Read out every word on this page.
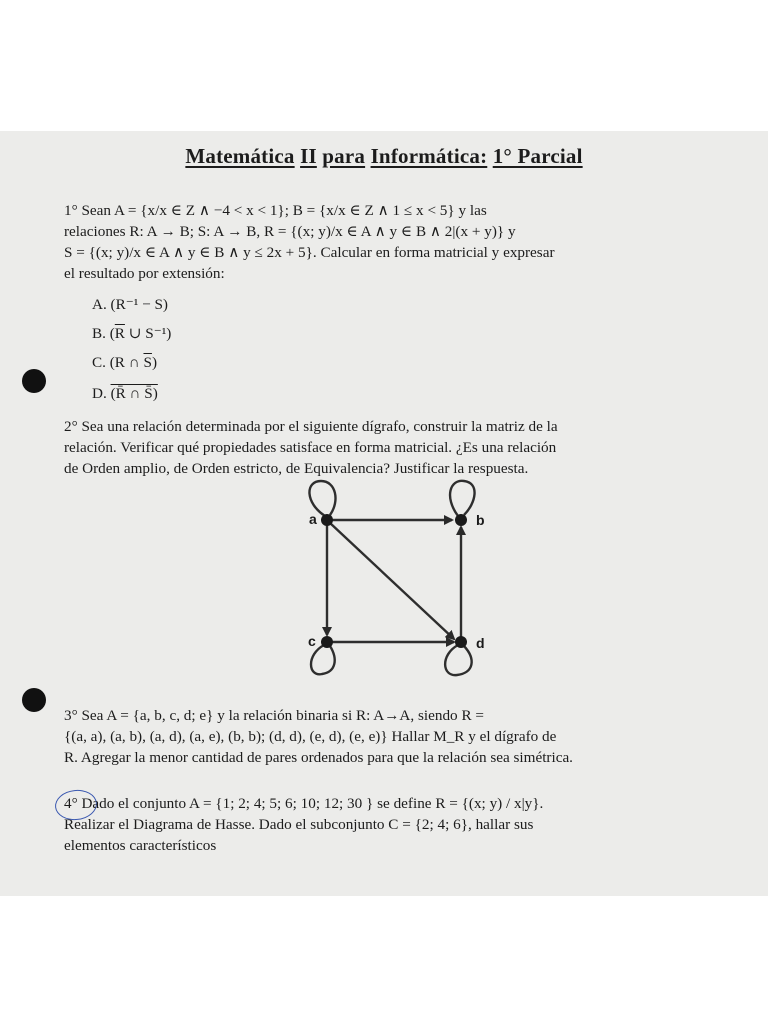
Matemática II para Informática: 1° Parcial
1° Sean A = {x/x ∈ Z ∧ −4 < x < 1}; B = {x/x ∈ Z ∧ 1 ≤ x < 5} y las
relaciones R: A → B; S: A → B, R = {(x; y)/x ∈ A ∧ y ∈ B ∧ 2|(x + y)} y
S = {(x; y)/x ∈ A ∧ y ∈ B ∧ y ≤ 2x + 5}. Calcular en forma matricial y expresar
el resultado por extensión:
A. (R⁻¹ − S)
B. ($\overline{R}$ ∪ S⁻¹)
C. (R ∩ $\overline{S}$)
D. (R̄ ∩ S̄)
2° Sea una relación determinada por el siguiente dígrafo, construir la matriz de la
relación. Verificar qué propiedades satisface en forma matricial. ¿Es una relación
de Orden amplio, de Orden estricto, de Equivalencia? Justificar la respuesta.
a	b
c	d
3° Sea A = {a, b, c, d; e} y la relación binaria si R: A→A, siendo R =
{(a, a), (a, b), (a, d), (a, e), (b, b); (d, d), (e, d), (e, e)} Hallar M_R y el dígrafo de
R. Agregar la menor cantidad de pares ordenados para que la relación sea simétrica.
4° Dado el conjunto A = {1; 2; 4; 5; 6; 10; 12; 30 } se define R = {(x; y) / x|y}.
Realizar el Diagrama de Hasse. Dado el subconjunto C = {2; 4; 6}, hallar sus
elementos característicos
